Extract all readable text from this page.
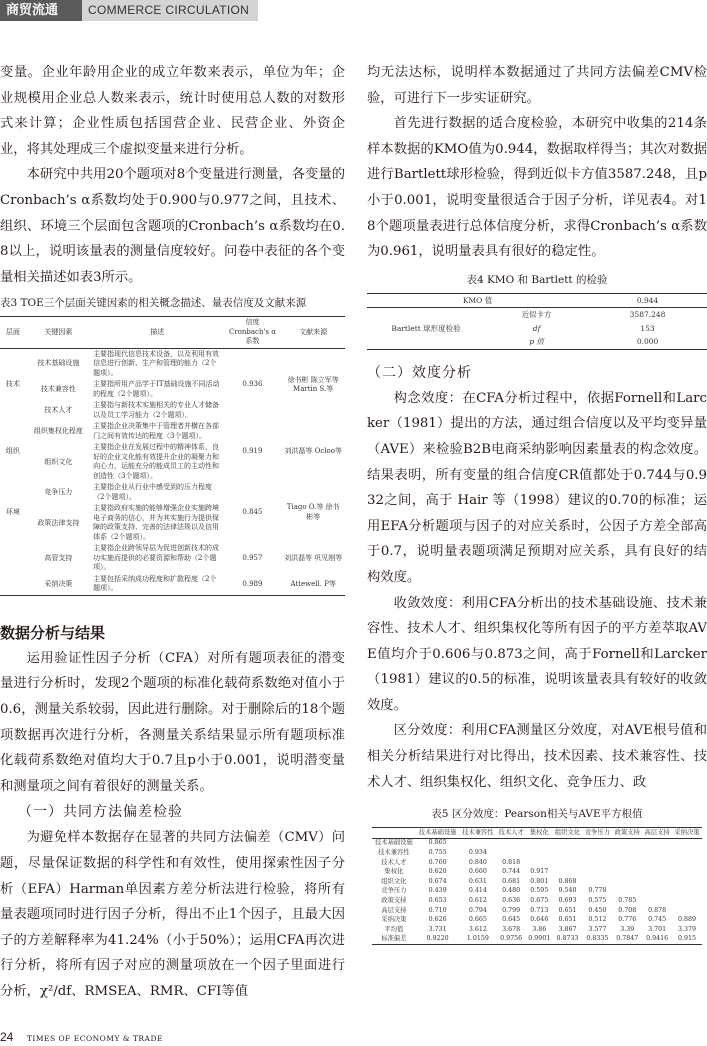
商贸流通	COMMERCE CIRCULATION

变量。企业年龄用企业的成立年数来表示，单位为年；企业规模用企业总人数来表示，统计时使用总人数的对数形式来计算；企业性质包括国营企业、民营企业、外资企业，将其处理成三个虚拟变量来进行分析。

本研究中共用20个题项对8个变量进行测量，各变量的Cronbach’s α系数均处于0.900与0.977之间，且技术、组织、环境三个层面包含题项的Cronbach’s α系数均在0.8以上，说明该量表的测量信度较好。问卷中表征的各个变量相关描述如表3所示。

表3 TOE三个层面关键因素的相关概念描述、量表信度及文献来源

层面	关键因素	描述	信度 Cronbach's α系数	文献来源
技术	技术基础设施	主要指现代信息技术设备，以及利用有效信息进行创新、生产和管理的能力（2个题项）。	0.936	徐书彬 陈立军等 Martin S.等
	技术兼容性	主要指所用产品学于IT基础设施不同活动的程度（2个题项）。		
	技术人才	主要指与新技术实施相关的专业人才储备以及员工学习能力（2个题项）。		
组织	组织集权化程度	主要指企业决策集中于管理者并横在各部门之间有效传达的程度（3个题项）。	0.919	刘洪磊等 Ocloo等
	组织文化	主要指企业在发展过程中的精神体系，良好的企业文化能有效提升企业的凝聚力和向心力，运能充分的能成员工的主动性和创造性（3个题项）。		
环境	竞争压力	主要指企业从行业中感受到的压力程度（2个题项）。	0.845	Tiago O.等 徐书彬等
	政策法律支持	主要指政府实施的能够增强企业实施跨境电子商务的信心，并为其实施行为提供保障的政策支持、完善的法律法规以及信用体系（2个题项）。		
	高管支持	主要指企业跨领导层为促进创新技术的成功实施而提供的必要资源和帮助（2个题项）。	0.957	刘洪磊等 巩见刚等
	采纳决策	主要包括采纳成功程度和扩散程度（2个题项）。	0.989	Attewell. P等

数据分析与结果

运用验证性因子分析（CFA）对所有题项表征的潜变量进行分析时，发现2个题项的标准化载荷系数绝对值小于0.6，测量关系较弱，因此进行删除。对于删除后的18个题项数据再次进行分析，各测量关系结果显示所有题项标准化载荷系数绝对值均大于0.7且p小于0.001，说明潜变量和测量项之间有着很好的测量关系。

（一）共同方法偏差检验

为避免样本数据存在显著的共同方法偏差（CMV）问题，尽量保证数据的科学性和有效性，使用探索性因子分析（EFA）Harman单因素方差分析法进行检验，将所有量表题项同时进行因子分析，得出不止1个因子，且最大因子的方差解释率为41.24%（小于50%）；运用CFA再次进行分析，将所有因子对应的测量项放在一个因子里面进行分析，χ²/df、RMSEA、RMR、CFI等值

均无法达标，说明样本数据通过了共同方法偏差CMV检验，可进行下一步实证研究。

首先进行数据的适合度检验，本研究中收集的214条样本数据的KMO值为0.944，数据取样得当；其次对数据进行Bartlett球形检验，得到近似卡方值3587.248，且p小于0.001，说明变量很适合于因子分析，详见表4。对18个题项量表进行总体信度分析，求得Cronbach’s α系数为0.961，说明量表具有很好的稳定性。

表4 KMO 和 Bartlett 的检验

KMO 值		0.944
Bartlett 球形度检验	近似卡方	3587.248
	df	153
	p 值	0.000

（二）效度分析

构念效度：在CFA分析过程中，依据Fornell和Larcker（1981）提出的方法，通过组合信度以及平均变异量（AVE）来检验B2B电商采纳影响因素量表的构念效度。结果表明，所有变量的组合信度CR值都处于0.744与0.932之间，高于 Hair 等（1998）建议的0.70的标准；运用EFA分析题项与因子的对应关系时，公因子方差全部高于0.7，说明量表题项满足预期对应关系，具有良好的结构效度。

收敛效度：利用CFA分析出的技术基础设施、技术兼容性、技术人才、组织集权化等所有因子的平方差萃取AVE值均介于0.606与0.873之间，高于Fornell和Larcker（1981）建议的0.5的标准，说明该量表具有较好的收敛效度。

区分效度：利用CFA测量区分效度，对AVE根号值和相关分析结果进行对比得出，技术因素、技术兼容性、技术人才、组织集权化、组织文化、竞争压力、政

表5 区分效度：Pearson相关与AVE平方根值

	技术基础设施	技术兼容性	技术人才	集权化	组织文化	竞争压力	政策支持	高层支持	采纳决策
技术基础设施	0.865								
技术兼容性	0.755	0.934							
技术人才	0.760	0.840	0.818						
集权化	0.620	0.660	0.744	0.917					
组织文化	0.674	0.631	0.681	0.801	0.868				
竞争压力	0.439	0.414	0.480	0.595	0.540	0.778			
政策支持	0.653	0.612	0.636	0.675	0.693	0.575	0.785		
高层支持	0.710	0.794	0.799	0.713	0.651	0.450	0.708	0.878	
采纳决策	0.626	0.665	0.645	0.646	0.651	0.512	0.776	0.745	0.889
平均值	3.731	3.612	3.678	3.86	3.867	3.577	3.39	3.701	3.379
标准偏差	0.9220	1.0159	0.9756	0.9901	0.8733	0.8335	0.7847	0.9416	0.915
24 TIMES OF ECONOMY & TRADE
